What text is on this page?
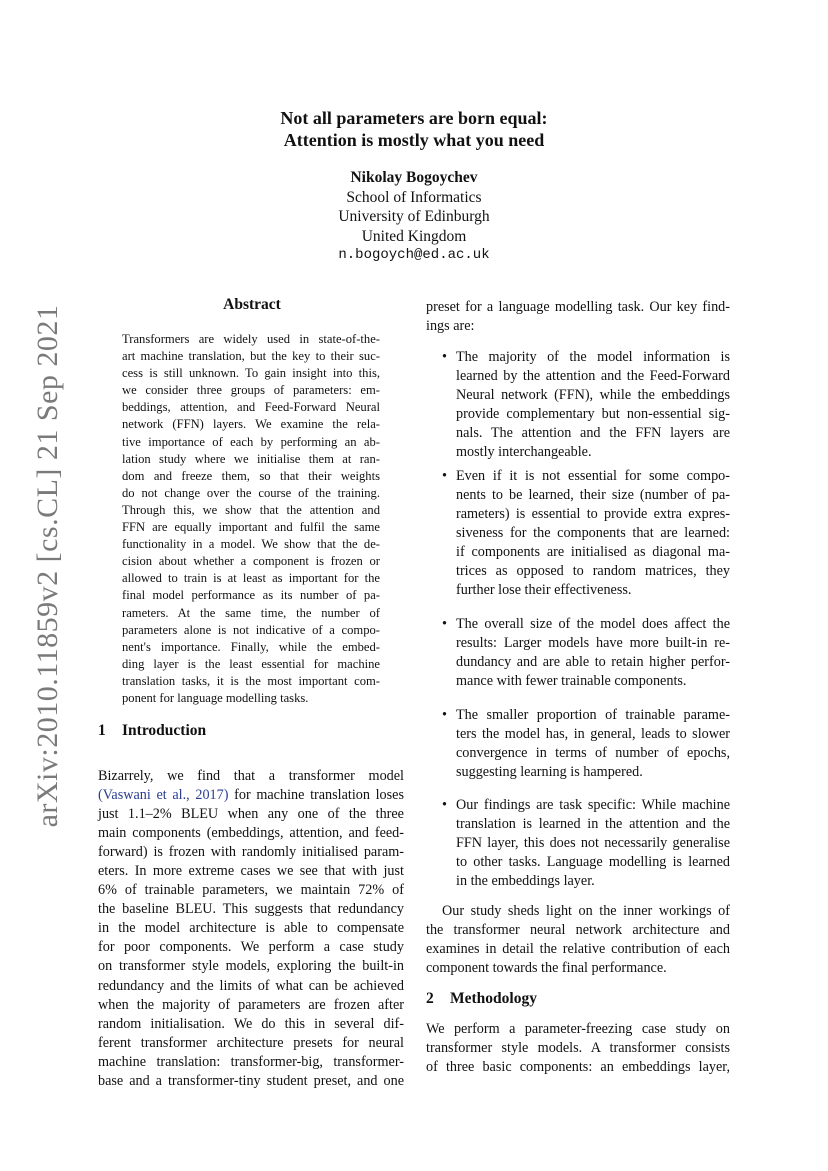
arXiv:2010.11859v2 [cs.CL] 21 Sep 2021
Not all parameters are born equal:
Attention is mostly what you need
Nikolay Bogoychev
School of Informatics
University of Edinburgh
United Kingdom
n.bogoych@ed.ac.uk
Abstract
Transformers are widely used in state-of-the-
art machine translation, but the key to their suc-
cess is still unknown. To gain insight into this,
we consider three groups of parameters: em-
beddings, attention, and Feed-Forward Neural
network (FFN) layers. We examine the rela-
tive importance of each by performing an ab-
lation study where we initialise them at ran-
dom and freeze them, so that their weights
do not change over the course of the training.
Through this, we show that the attention and
FFN are equally important and fulfil the same
functionality in a model. We show that the de-
cision about whether a component is frozen or
allowed to train is at least as important for the
final model performance as its number of pa-
rameters. At the same time, the number of
parameters alone is not indicative of a compo-
nent's importance. Finally, while the embed-
ding layer is the least essential for machine
translation tasks, it is the most important com-
ponent for language modelling tasks.
1 Introduction
Bizarrely, we find that a transformer model
(Vaswani et al., 2017) for machine translation loses
just 1.1–2% BLEU when any one of the three
main components (embeddings, attention, and feed-
forward) is frozen with randomly initialised param-
eters. In more extreme cases we see that with just
6% of trainable parameters, we maintain 72% of
the baseline BLEU. This suggests that redundancy
in the model architecture is able to compensate
for poor components. We perform a case study
on transformer style models, exploring the built-in
redundancy and the limits of what can be achieved
when the majority of parameters are frozen after
random initialisation. We do this in several dif-
ferent transformer architecture presets for neural
machine translation: transformer-big, transformer-
base and a transformer-tiny student preset, and one
preset for a language modelling task. Our key find-
ings are:
• The majority of the model information is
learned by the attention and the Feed-Forward
Neural network (FFN), while the embeddings
provide complementary but non-essential sig-
nals. The attention and the FFN layers are
mostly interchangeable.
• Even if it is not essential for some compo-
nents to be learned, their size (number of pa-
rameters) is essential to provide extra expres-
siveness for the components that are learned:
if components are initialised as diagonal ma-
trices as opposed to random matrices, they
further lose their effectiveness.
• The overall size of the model does affect the
results: Larger models have more built-in re-
dundancy and are able to retain higher perfor-
mance with fewer trainable components.
• The smaller proportion of trainable parame-
ters the model has, in general, leads to slower
convergence in terms of number of epochs,
suggesting learning is hampered.
• Our findings are task specific: While machine
translation is learned in the attention and the
FFN layer, this does not necessarily generalise
to other tasks. Language modelling is learned
in the embeddings layer.
Our study sheds light on the inner workings of
the transformer neural network architecture and
examines in detail the relative contribution of each
component towards the final performance.
2 Methodology
We perform a parameter-freezing case study on
transformer style models. A transformer consists
of three basic components: an embeddings layer,
